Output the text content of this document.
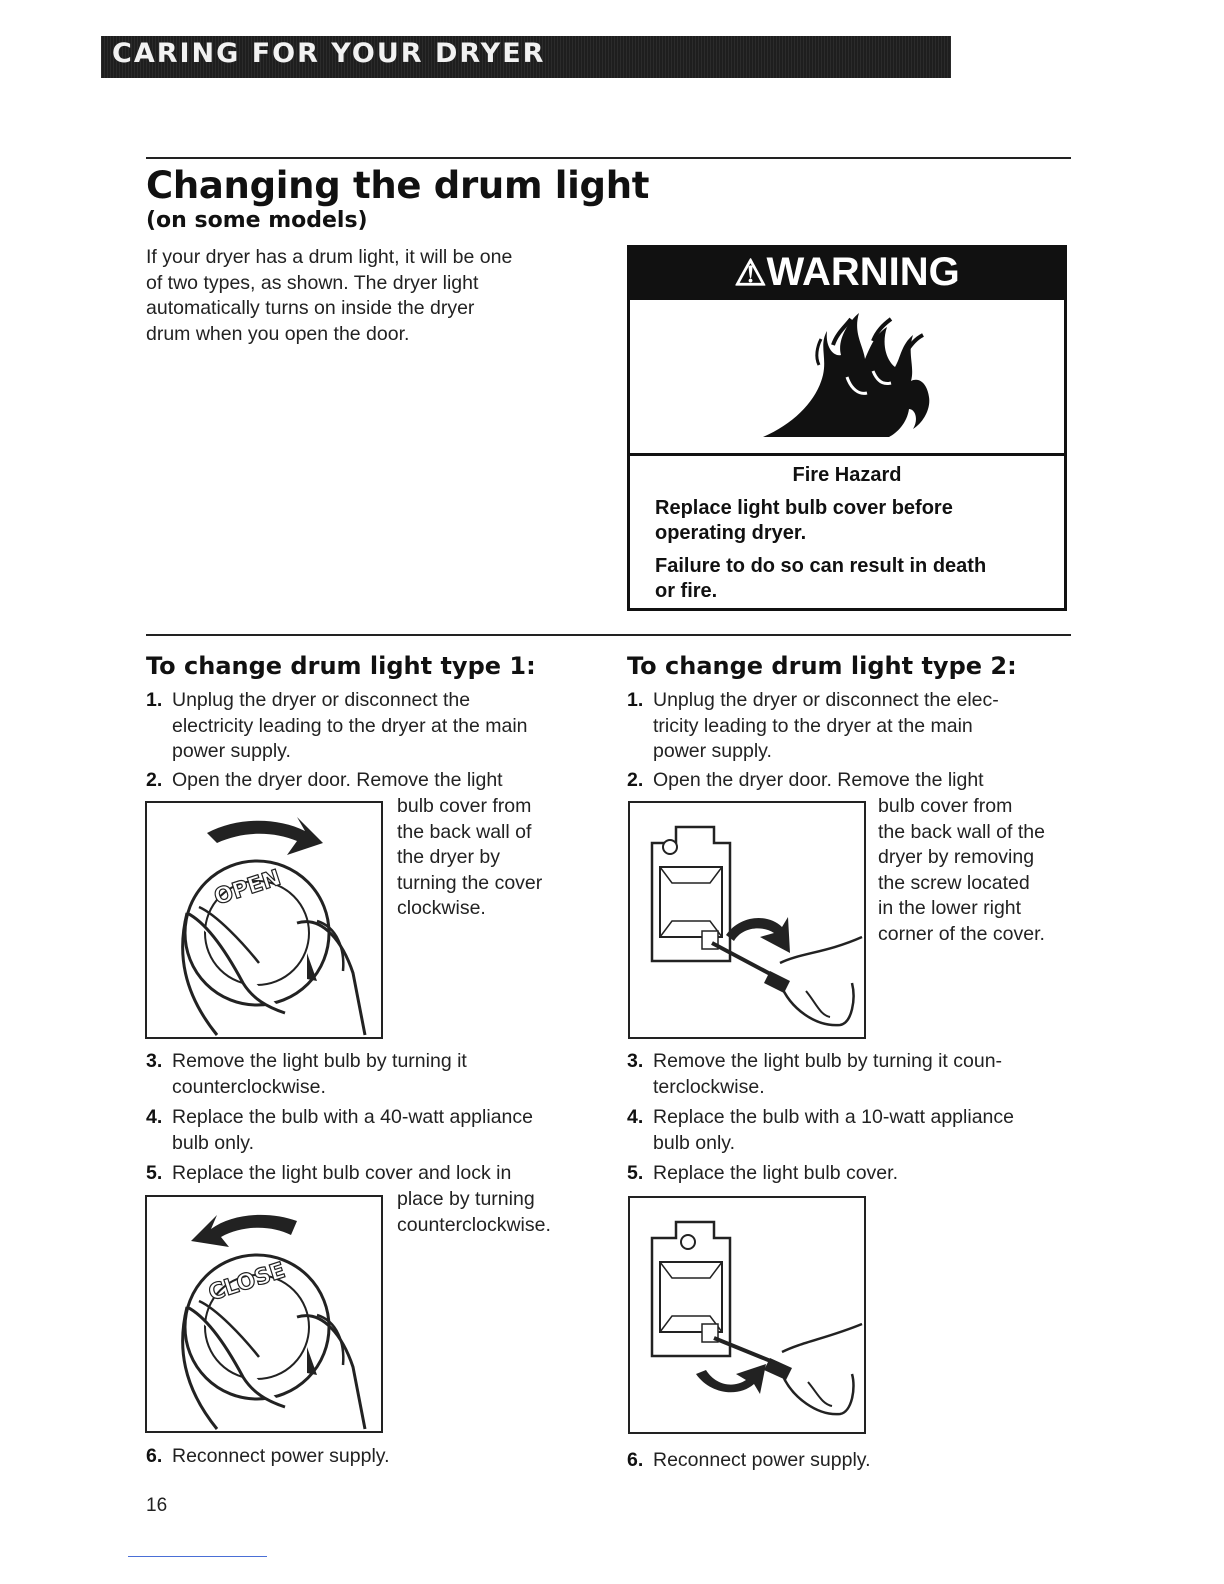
CARING FOR YOUR DRYER
Changing the drum light
(on some models)
If your dryer has a drum light, it will be one
of two types, as shown. The dryer light
automatically turns on inside the dryer
drum when you open the door.
⚠WARNING
Fire Hazard
Replace light bulb cover before
operating dryer.
Failure to do so can result in death
or fire.
To change drum light type 1:
1. Unplug the dryer or disconnect the
electricity leading to the dryer at the main
power supply.
2. Open the dryer door. Remove the light
bulb cover from
the back wall of
the dryer by
turning the cover
clockwise.
OPEN
3. Remove the light bulb by turning it
counterclockwise.
4. Replace the bulb with a 40-watt appliance
bulb only.
5. Replace the light bulb cover and lock in
place by turning
counterclockwise.
CLOSE
6. Reconnect power supply.
To change drum light type 2:
1. Unplug the dryer or disconnect the elec-
tricity leading to the dryer at the main
power supply.
2. Open the dryer door. Remove the light
bulb cover from
the back wall of the
dryer by removing
the screw located
in the lower right
corner of the cover.
3. Remove the light bulb by turning it coun-
terclockwise.
4. Replace the bulb with a 10-watt appliance
bulb only.
5. Replace the light bulb cover.
6. Reconnect power supply.
16
